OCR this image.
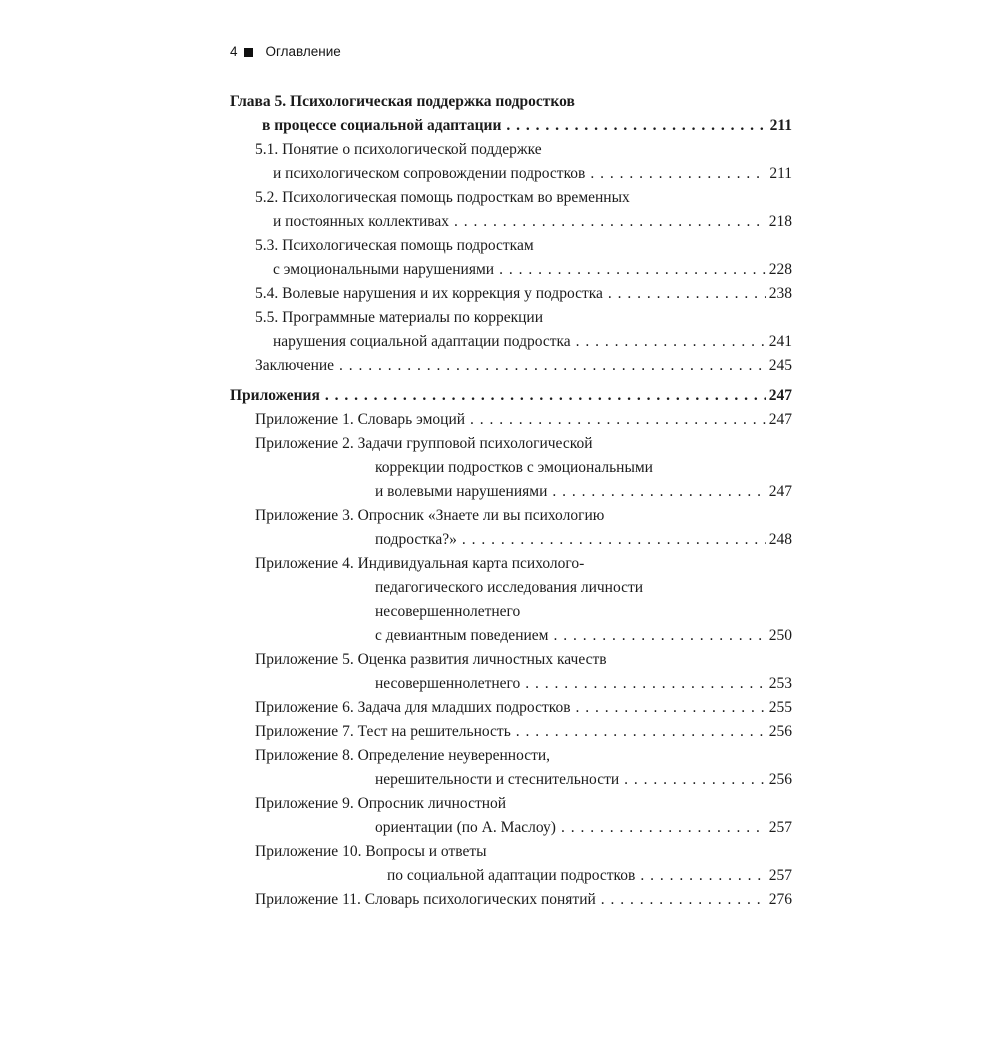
4 Оглавление
Глава 5. Психологическая поддержка подростков
в процессе социальной адаптации . . .	211
5.1. Понятие о психологической поддержке
и психологическом сопровождении подростков . . .	211
5.2. Психологическая помощь подросткам во временных
и постоянных коллективах . . .	218
5.3. Психологическая помощь подросткам
с эмоциональными нарушениями . . .	228
5.4. Волевые нарушения и их коррекция у подростка . . .	238
5.5. Программные материалы по коррекции
нарушения социальной адаптации подростка . . .	241
Заключение . . .	245
Приложения . . .	247
Приложение 1. Словарь эмоций . . .	247
Приложение 2. Задачи групповой психологической
коррекции подростков с эмоциональными
и волевыми нарушениями . . .	247
Приложение 3. Опросник «Знаете ли вы психологию
подростка?» . . .	248
Приложение 4. Индивидуальная карта психолого-
педагогического исследования личности
несовершеннолетнего
с девиантным поведением . . .	250
Приложение 5. Оценка развития личностных качеств
несовершеннолетнего . . .	253
Приложение 6. Задача для младших подростков . . .	255
Приложение 7. Тест на решительность . . .	256
Приложение 8. Определение неуверенности,
нерешительности и стеснительности . . .	256
Приложение 9. Опросник личностной
ориентации (по А. Маслоу) . . .	257
Приложение 10. Вопросы и ответы
по социальной адаптации подростков . . .	257
Приложение 11. Словарь психологических понятий . . .	276
